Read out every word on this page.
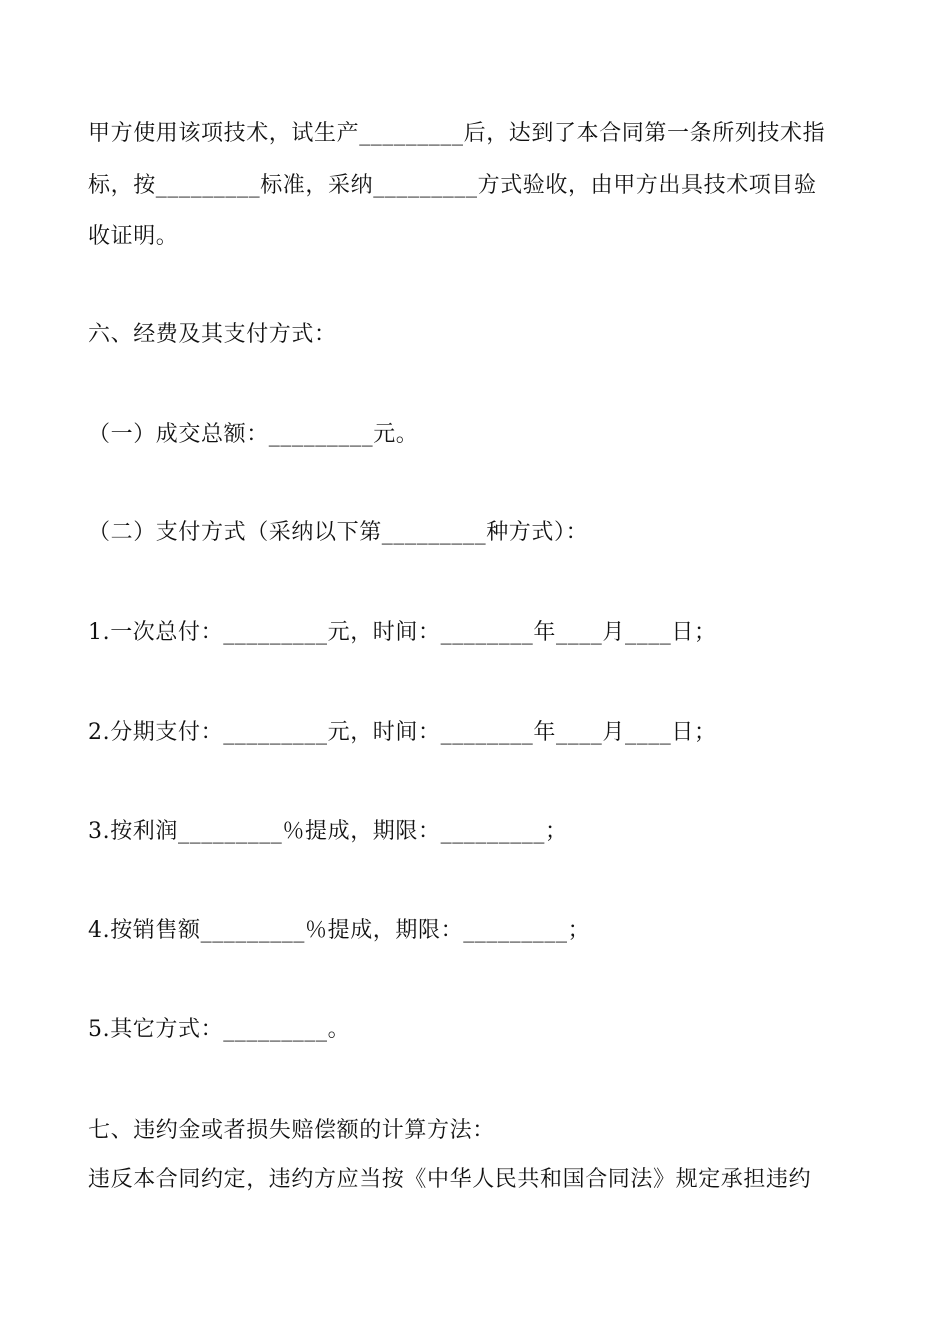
甲方使用该项技术，试生产_________后，达到了本合同第一条所列技术指
标，按_________标准，采纳_________方式验收，由甲方出具技术项目验
收证明。
六、经费及其支付方式：
（一）成交总额：_________元。
（二）支付方式（采纳以下第_________种方式）：
1.一次总付：_________元，时间：________年____月____日；
2.分期支付：_________元，时间：________年____月____日；
3.按利润_________％提成，期限：_________；
4.按销售额_________％提成，期限：_________；
5.其它方式：_________。
七、违约金或者损失赔偿额的计算方法：
违反本合同约定，违约方应当按《中华人民共和国合同法》规定承担违约
